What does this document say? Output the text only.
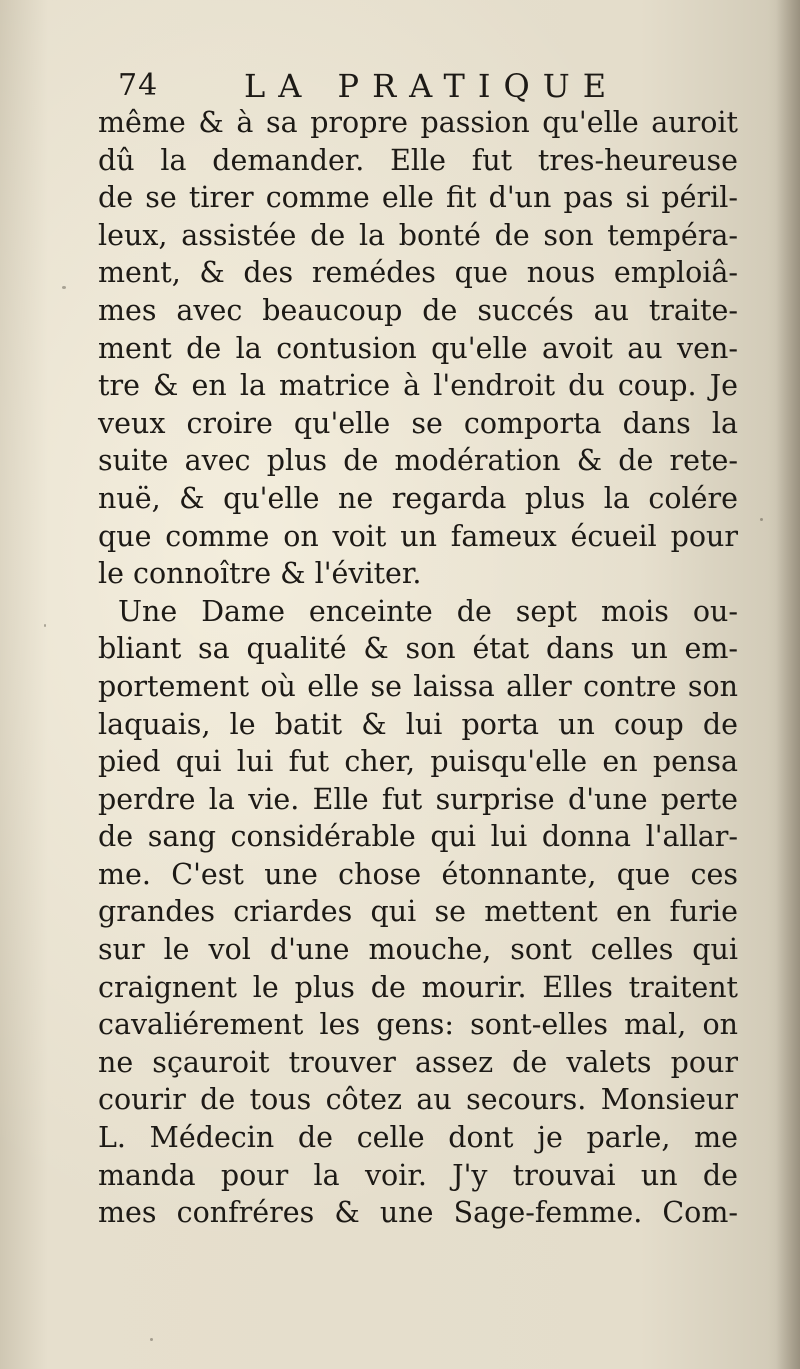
74	LA PRATIQUE
même & à sa propre passion qu'elle auroit
dû la demander. Elle fut tres-heureuse
de se tirer comme elle fit d'un pas si péril-
leux, assistée de la bonté de son tempéra-
ment, & des remédes que nous emploiâ-
mes avec beaucoup de succés au traite-
ment de la contusion qu'elle avoit au ven-
tre & en la matrice à l'endroit du coup. Je
veux croire qu'elle se comporta dans la
suite avec plus de modération & de rete-
nuë, & qu'elle ne regarda plus la colére
que comme on voit un fameux écueil pour
le connoître & l'éviter.
Une Dame enceinte de sept mois ou-
bliant sa qualité & son état dans un em-
portement où elle se laissa aller contre son
laquais, le batit & lui porta un coup de
pied qui lui fut cher, puisqu'elle en pensa
perdre la vie. Elle fut surprise d'une perte
de sang considérable qui lui donna l'allar-
me. C'est une chose étonnante, que ces
grandes criardes qui se mettent en furie
sur le vol d'une mouche, sont celles qui
craignent le plus de mourir. Elles traitent
cavaliérement les gens: sont-elles mal, on
ne sçauroit trouver assez de valets pour
courir de tous côtez au secours. Monsieur
L. Médecin de celle dont je parle, me
manda pour la voir. J'y trouvai un de
mes confréres & une Sage-femme. Com-
